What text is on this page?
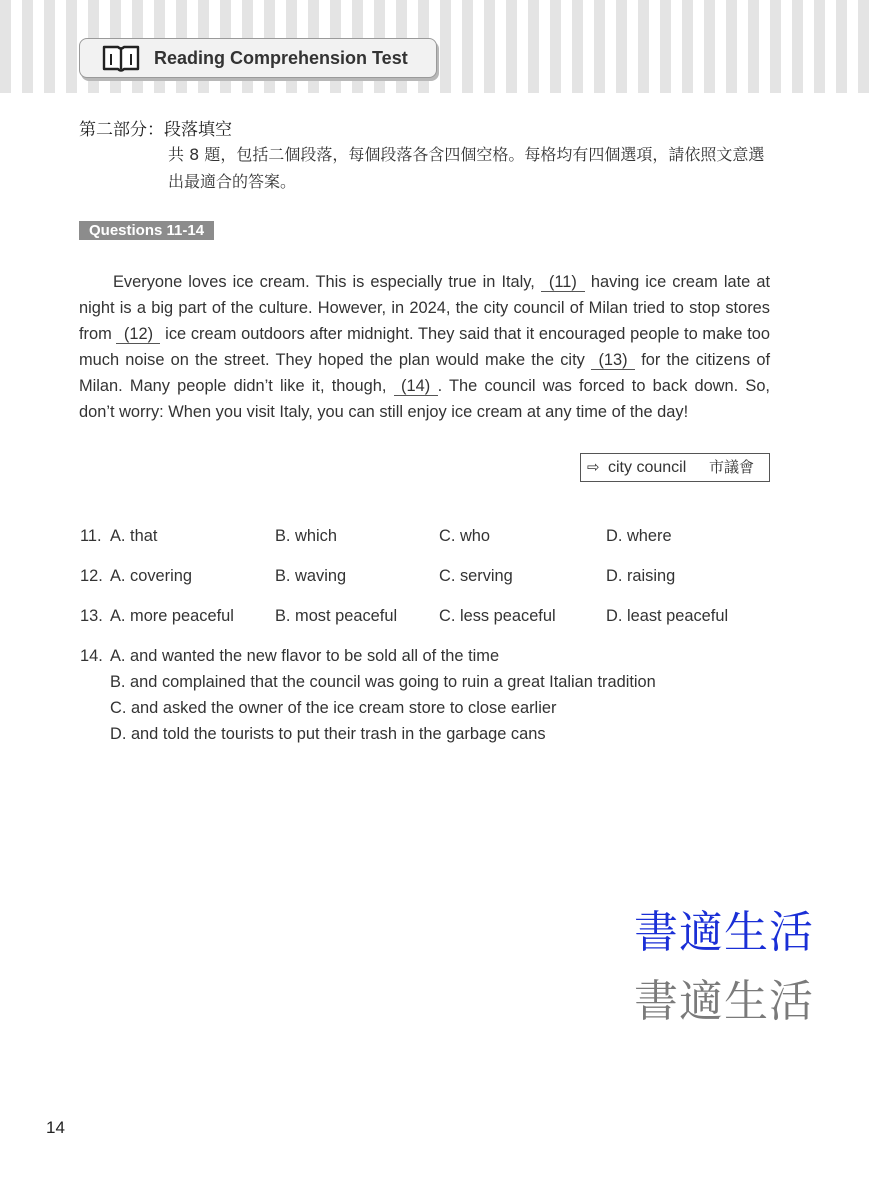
Reading Comprehension Test
第二部分：段落填空
共 8 題，包括二個段落，每個段落各含四個空格。每格均有四個選項，請依照文意選出最適合的答案。
Questions 11-14

Everyone loves ice cream. This is especially true in Italy, (11) having ice cream late at night is a big part of the culture. However, in 2024, the city council of Milan tried to stop stores from (12) ice cream outdoors after midnight. They said that it encouraged people to make too much noise on the street. They hoped the plan would make the city (13) for the citizens of Milan. Many people didn’t like it, though, (14) . The council was forced to back down. So, don’t worry: When you visit Italy, you can still enjoy ice cream at any time of the day!

⇨ city council 市議會
11. A. that	B. which	C. who	D. where
12. A. covering	B. waving	C. serving	D. raising
13. A. more peaceful	B. most peaceful	C. less peaceful	D. least peaceful
14. A. and wanted the new flavor to be sold all of the time
B. and complained that the council was going to ruin a great Italian tradition
C. and asked the owner of the ice cream store to close earlier
D. and told the tourists to put their trash in the garbage cans
書適生活
書適生活
14
